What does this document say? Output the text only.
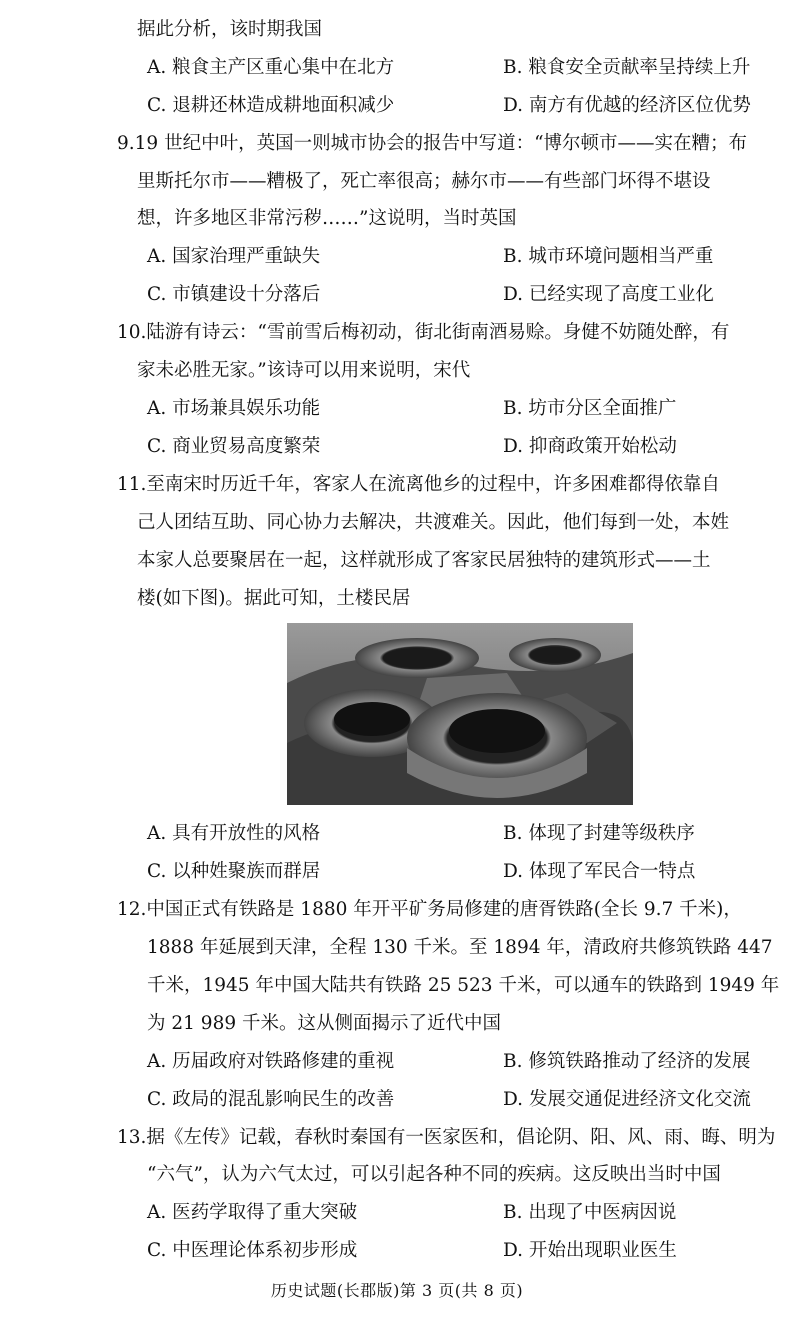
据此分析，该时期我国
A. 粮食主产区重心集中在北方	B. 粮食安全贡献率呈持续上升
C. 退耕还林造成耕地面积减少	D. 南方有优越的经济区位优势
9.19 世纪中叶，英国一则城市协会的报告中写道：“博尔顿市——实在糟；布
里斯托尔市——糟极了，死亡率很高；赫尔市——有些部门坏得不堪设
想，许多地区非常污秽……”这说明，当时英国
A. 国家治理严重缺失	B. 城市环境问题相当严重
C. 市镇建设十分落后	D. 已经实现了高度工业化
10.陆游有诗云：“雪前雪后梅初动，街北街南酒易赊。身健不妨随处醉，有
家未必胜无家。”该诗可以用来说明，宋代
A. 市场兼具娱乐功能	B. 坊市分区全面推广
C. 商业贸易高度繁荣	D. 抑商政策开始松动
11.至南宋时历近千年，客家人在流离他乡的过程中，许多困难都得依靠自
己人团结互助、同心协力去解决，共渡难关。因此，他们每到一处，本姓
本家人总要聚居在一起，这样就形成了客家民居独特的建筑形式——土
楼(如下图)。据此可知，土楼民居
A. 具有开放性的风格	B. 体现了封建等级秩序
C. 以种姓聚族而群居	D. 体现了军民合一特点
12.中国正式有铁路是 1880 年开平矿务局修建的唐胥铁路(全长 9.7 千米)，
1888 年延展到天津，全程 130 千米。至 1894 年，清政府共修筑铁路 447
千米，1945 年中国大陆共有铁路 25 523 千米，可以通车的铁路到 1949 年
为 21 989 千米。这从侧面揭示了近代中国
A. 历届政府对铁路修建的重视	B. 修筑铁路推动了经济的发展
C. 政局的混乱影响民生的改善	D. 发展交通促进经济文化交流
13.据《左传》记载，春秋时秦国有一医家医和，倡论阴、阳、风、雨、晦、明为
“六气”，认为六气太过，可以引起各种不同的疾病。这反映出当时中国
A. 医药学取得了重大突破	B. 出现了中医病因说
C. 中医理论体系初步形成	D. 开始出现职业医生
历史试题(长郡版)第 3 页(共 8 页)
